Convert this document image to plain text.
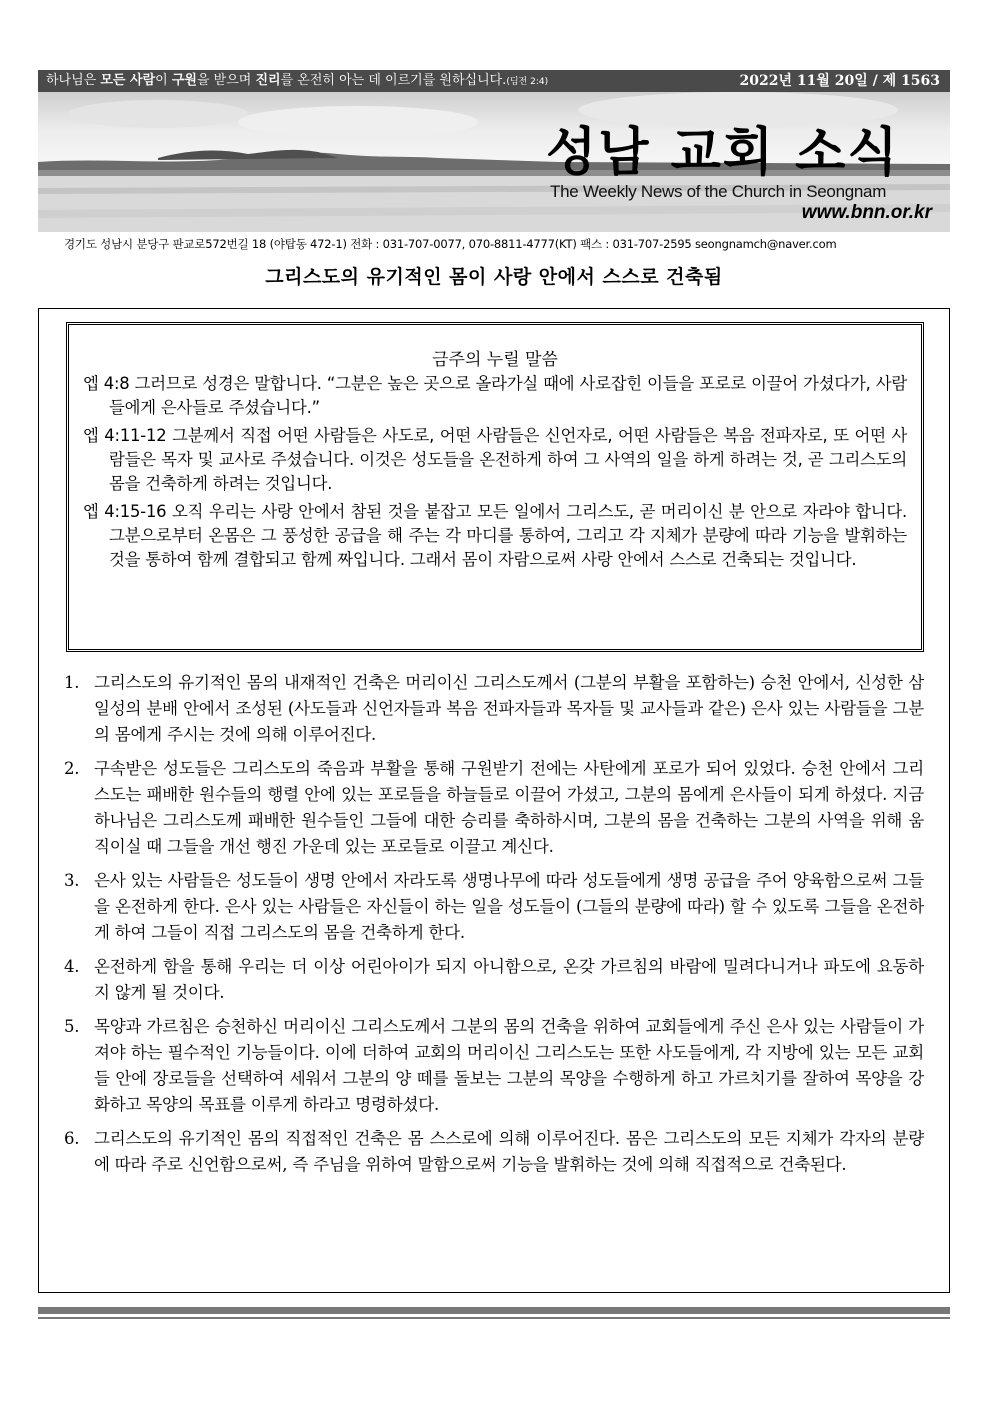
하나님은 모든 사람이 구원을 받으며 진리를 온전히 아는 데 이르기를 원하십니다.(딤전 2:4)	2022년 11월 20일 / 제 1563
성남 교회 소식
The Weekly News of the Church in Seongnam
www.bnn.or.kr
경기도 성남시 분당구 판교로572번길 18 (야탑동 472-1) 전화 : 031-707-0077, 070-8811-4777(KT) 팩스 : 031-707-2595 seongnamch@naver.com
그리스도의 유기적인 몸이 사랑 안에서 스스로 건축됨
금주의 누릴 말씀
엡 4:8 그러므로 성경은 말합니다. “그분은 높은 곳으로 올라가실 때에 사로잡힌 이들을 포로로 이끌어 가셨다가, 사람들에게 은사들로 주셨습니다.”
엡 4:11-12 그분께서 직접 어떤 사람들은 사도로, 어떤 사람들은 신언자로, 어떤 사람들은 복음 전파자로, 또 어떤 사람들은 목자 및 교사로 주셨습니다. 이것은 성도들을 온전하게 하여 그 사역의 일을 하게 하려는 것, 곧 그리스도의 몸을 건축하게 하려는 것입니다.
엡 4:15-16 오직 우리는 사랑 안에서 참된 것을 붙잡고 모든 일에서 그리스도, 곧 머리이신 분 안으로 자라야 합니다. 그분으로부터 온몸은 그 풍성한 공급을 해 주는 각 마디를 통하여, 그리고 각 지체가 분량에 따라 기능을 발휘하는 것을 통하여 함께 결합되고 함께 짜입니다. 그래서 몸이 자람으로써 사랑 안에서 스스로 건축되는 것입니다.
1. 그리스도의 유기적인 몸의 내재적인 건축은 머리이신 그리스도께서 (그분의 부활을 포함하는) 승천 안에서, 신성한 삼일성의 분배 안에서 조성된 (사도들과 신언자들과 복음 전파자들과 목자들 및 교사들과 같은) 은사 있는 사람들을 그분의 몸에게 주시는 것에 의해 이루어진다.
2. 구속받은 성도들은 그리스도의 죽음과 부활을 통해 구원받기 전에는 사탄에게 포로가 되어 있었다. 승천 안에서 그리스도는 패배한 원수들의 행렬 안에 있는 포로들을 하늘들로 이끌어 가셨고, 그분의 몸에게 은사들이 되게 하셨다. 지금 하나님은 그리스도께 패배한 원수들인 그들에 대한 승리를 축하하시며, 그분의 몸을 건축하는 그분의 사역을 위해 움직이실 때 그들을 개선 행진 가운데 있는 포로들로 이끌고 계신다.
3. 은사 있는 사람들은 성도들이 생명 안에서 자라도록 생명나무에 따라 성도들에게 생명 공급을 주어 양육함으로써 그들을 온전하게 한다. 은사 있는 사람들은 자신들이 하는 일을 성도들이 (그들의 분량에 따라) 할 수 있도록 그들을 온전하게 하여 그들이 직접 그리스도의 몸을 건축하게 한다.
4. 온전하게 함을 통해 우리는 더 이상 어린아이가 되지 아니함으로, 온갖 가르침의 바람에 밀려다니거나 파도에 요동하지 않게 될 것이다.
5. 목양과 가르침은 승천하신 머리이신 그리스도께서 그분의 몸의 건축을 위하여 교회들에게 주신 은사 있는 사람들이 가져야 하는 필수적인 기능들이다. 이에 더하여 교회의 머리이신 그리스도는 또한 사도들에게, 각 지방에 있는 모든 교회들 안에 장로들을 선택하여 세워서 그분의 양 떼를 돌보는 그분의 목양을 수행하게 하고 가르치기를 잘하여 목양을 강화하고 목양의 목표를 이루게 하라고 명령하셨다.
6. 그리스도의 유기적인 몸의 직접적인 건축은 몸 스스로에 의해 이루어진다. 몸은 그리스도의 모든 지체가 각자의 분량에 따라 주로 신언함으로써, 즉 주님을 위하여 말함으로써 기능을 발휘하는 것에 의해 직접적으로 건축된다.
